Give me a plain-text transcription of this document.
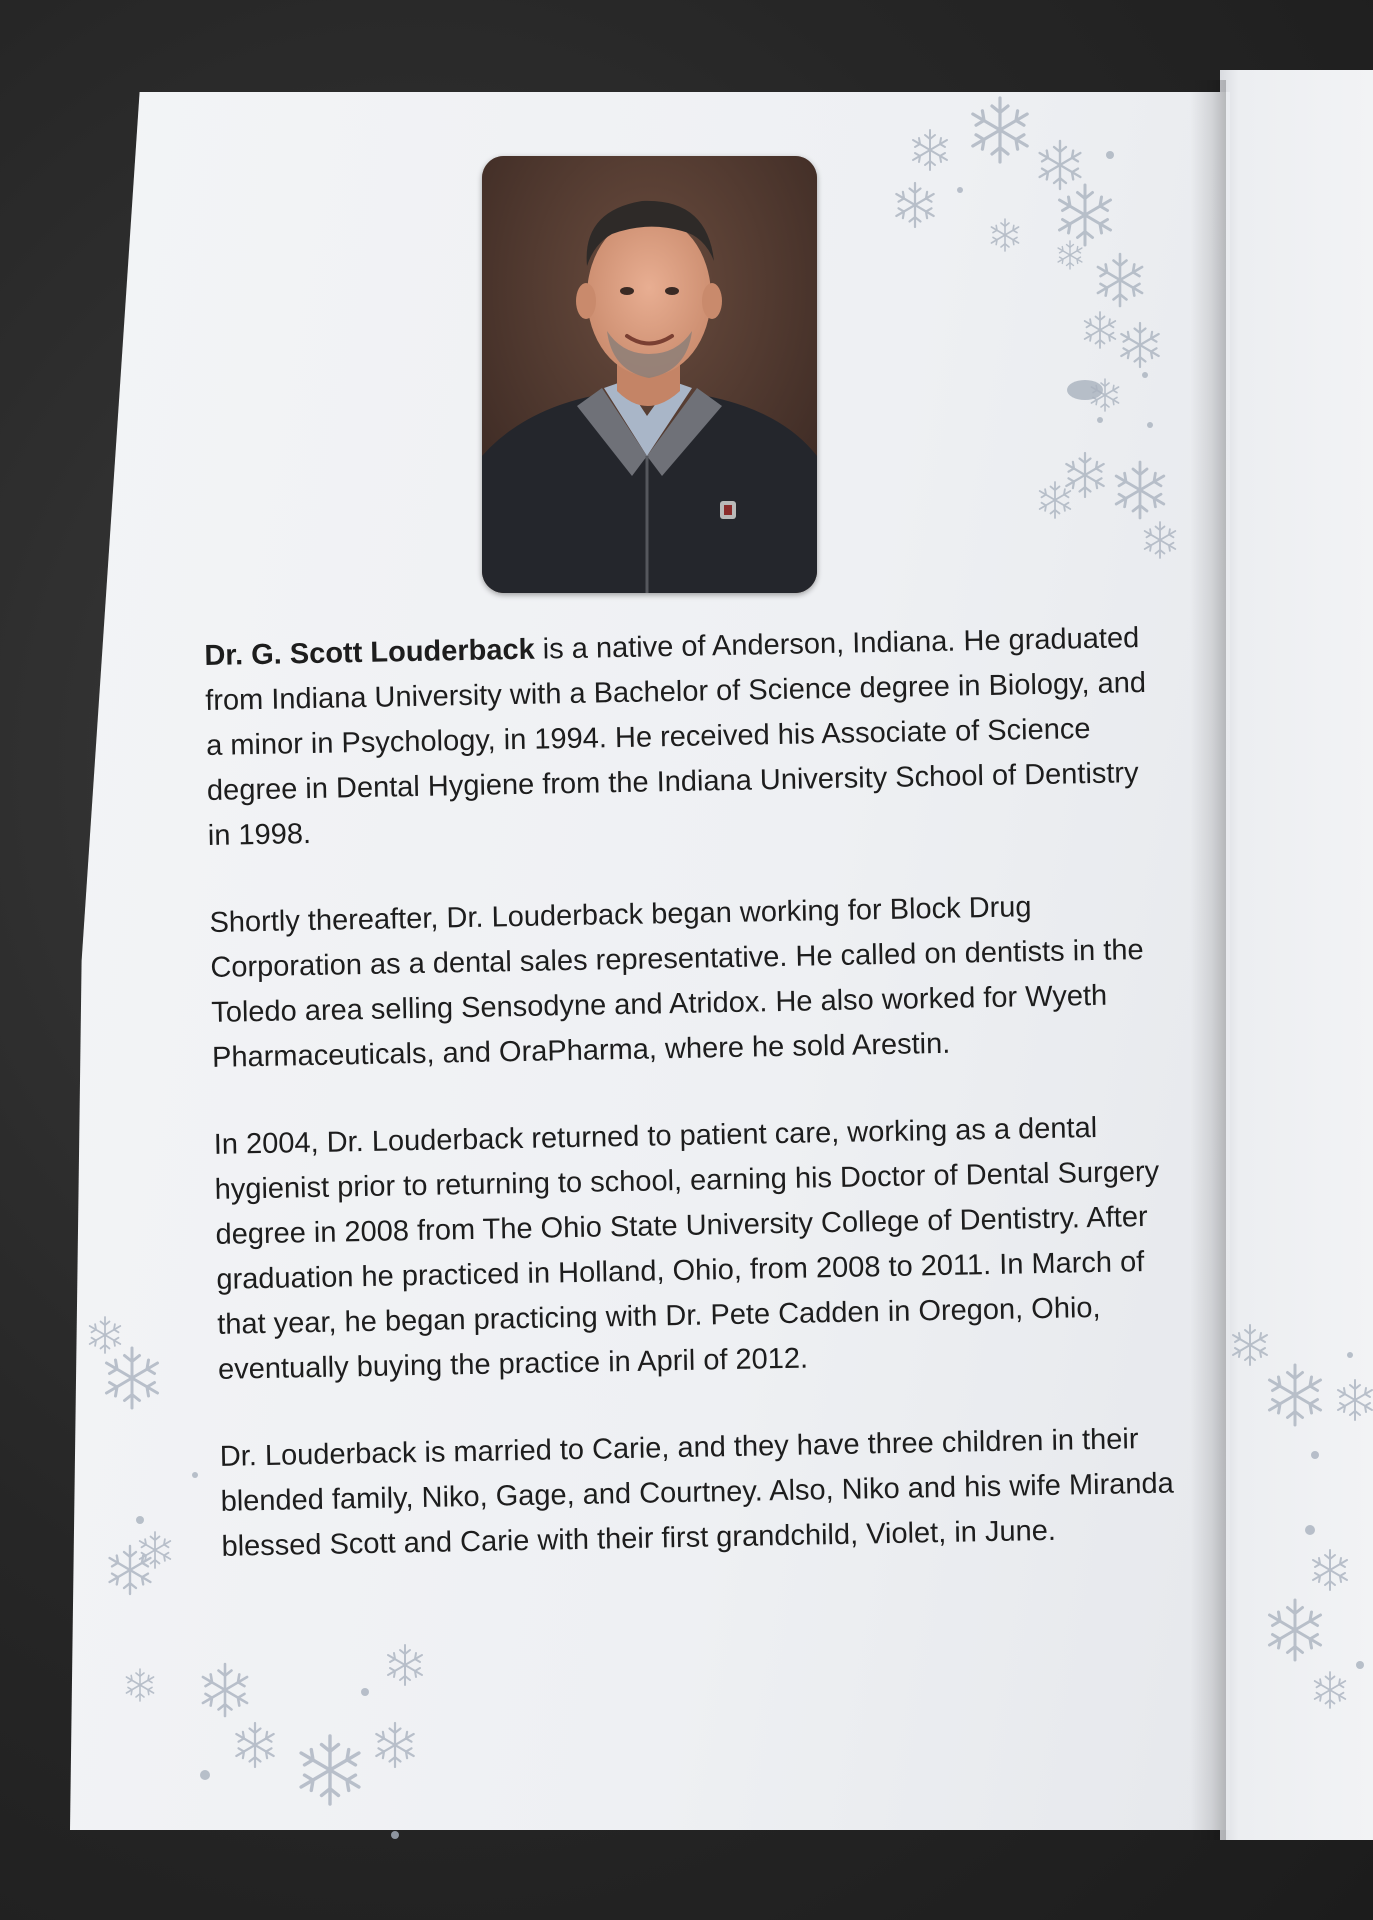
Dr. G. Scott Louderback is a native of Anderson, Indiana. He graduated from Indiana University with a Bachelor of Science degree in Biology, and a minor in Psychology, in 1994. He received his Associate of Science degree in Dental Hygiene from the Indiana University School of Dentistry in 1998.

Shortly thereafter, Dr. Louderback began working for Block Drug Corporation as a dental sales representative. He called on dentists in the Toledo area selling Sensodyne and Atridox. He also worked for Wyeth Pharmaceuticals, and OraPharma, where he sold Arestin.

In 2004, Dr. Louderback returned to patient care, working as a dental hygienist prior to returning to school, earning his Doctor of Dental Surgery degree in 2008 from The Ohio State University College of Dentistry. After graduation he practiced in Holland, Ohio, from 2008 to 2011. In March of that year, he began practicing with Dr. Pete Cadden in Oregon, Ohio, eventually buying the practice in April of 2012.

Dr. Louderback is married to Carie, and they have three children in their blended family, Niko, Gage, and Courtney. Also, Niko and his wife Miranda blessed Scott and Carie with their first grandchild, Violet, in June.
